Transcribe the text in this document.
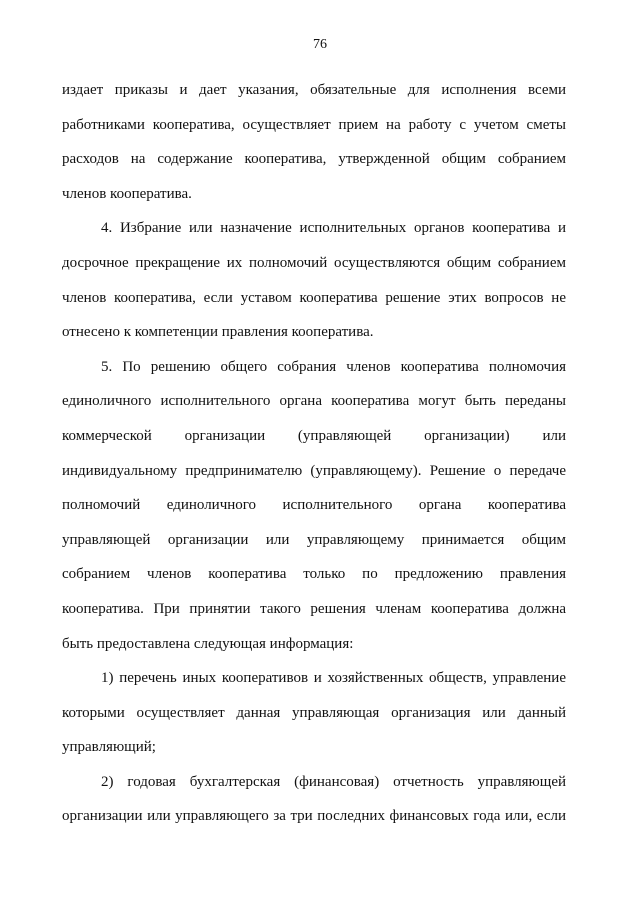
76
издает приказы и дает указания, обязательные для исполнения всеми
работниками кооператива, осуществляет прием на работу с учетом сметы
расходов на содержание кооператива, утвержденной общим собранием
членов кооператива.
4. Избрание или назначение исполнительных органов кооператива и
досрочное прекращение их полномочий осуществляются общим собранием
членов кооператива, если уставом кооператива решение этих вопросов не
отнесено к компетенции правления кооператива.
5. По решению общего собрания членов кооператива полномочия
единоличного исполнительного органа кооператива могут быть переданы
коммерческой организации (управляющей организации) или
индивидуальному предпринимателю (управляющему). Решение о передаче
полномочий единоличного исполнительного органа кооператива
управляющей организации или управляющему принимается общим
собранием членов кооператива только по предложению правления
кооператива. При принятии такого решения членам кооператива должна
быть предоставлена следующая информация:
1) перечень иных кооперативов и хозяйственных обществ, управление
которыми осуществляет данная управляющая организация или данный
управляющий;
2) годовая бухгалтерская (финансовая) отчетность управляющей
организации или управляющего за три последних финансовых года или, если
